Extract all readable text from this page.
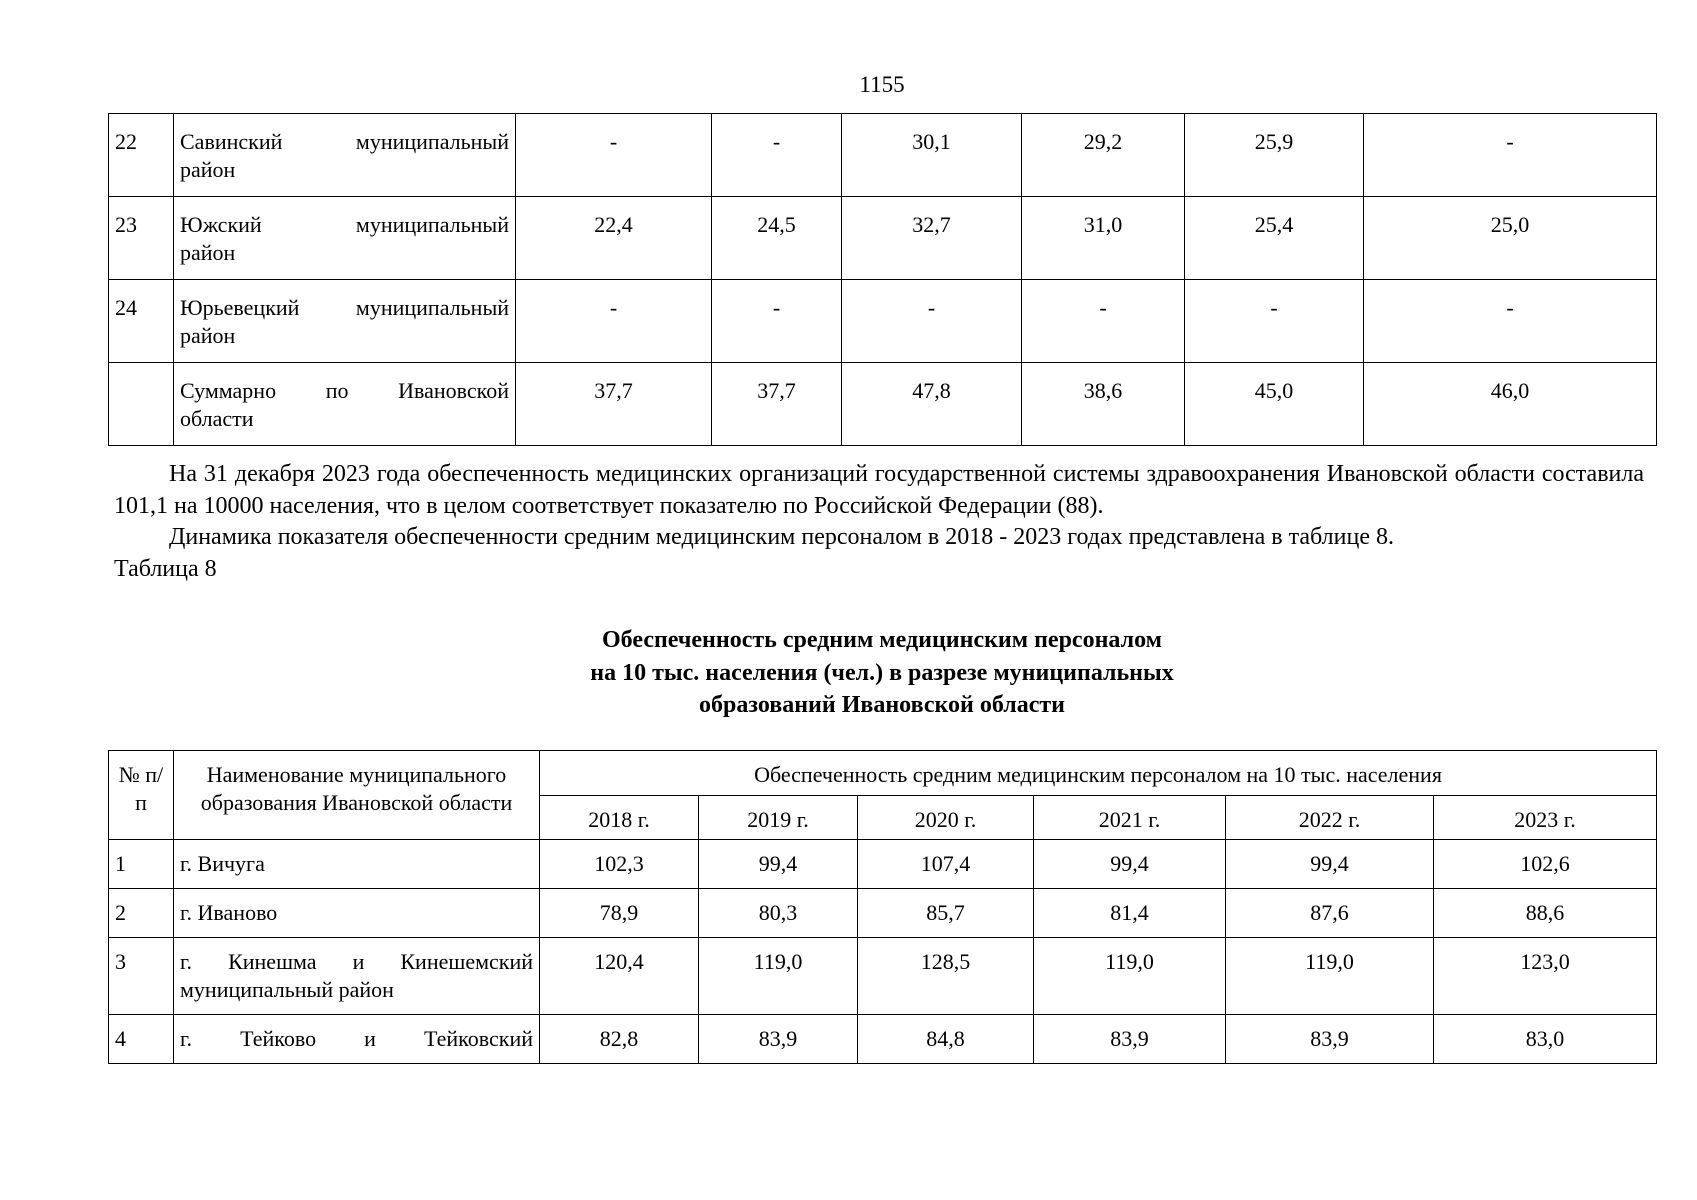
1155
22	Савинский муниципальный
район	-	-	30,1	29,2	25,9	-
23	Южский муниципальный
район	22,4	24,5	32,7	31,0	25,4	25,0
24	Юрьевецкий муниципальный
район	-	-	-	-	-	-

	Суммарно по Ивановской
области	37,7	37,7	47,8	38,6	45,0	46,0

На 31 декабря 2023 года обеспеченность медицинских организаций государственной системы здравоохранения Ивановской области составила 101,1 на 10000 населения, что в целом соответствует показателю по Российской Федерации (88).

Динамика показателя обеспеченности средним медицинским персоналом в 2018 - 2023 годах представлена в таблице 8.

Таблица 8

Обеспеченность средним медицинским персоналом
на 10 тыс. населения (чел.) в разрезе муниципальных
образований Ивановской области
№ п/п	Наименование муниципального образования Ивановской области	Обеспеченность средним медицинским персоналом на 10 тыс. населения					
		2018 г.	2019 г.	2020 г.	2021 г.	2022 г.	2023 г.
1	г. Вичуга	102,3	99,4	107,4	99,4	99,4	102,6
2	г. Иваново	78,9	80,3	85,7	81,4	87,6	88,6
3	г. Кинешма и Кинешемский
муниципальный район	120,4	119,0	128,5	119,0	119,0	123,0
4	г. Тейково и Тейковский	82,8	83,9	84,8	83,9	83,9	83,0
